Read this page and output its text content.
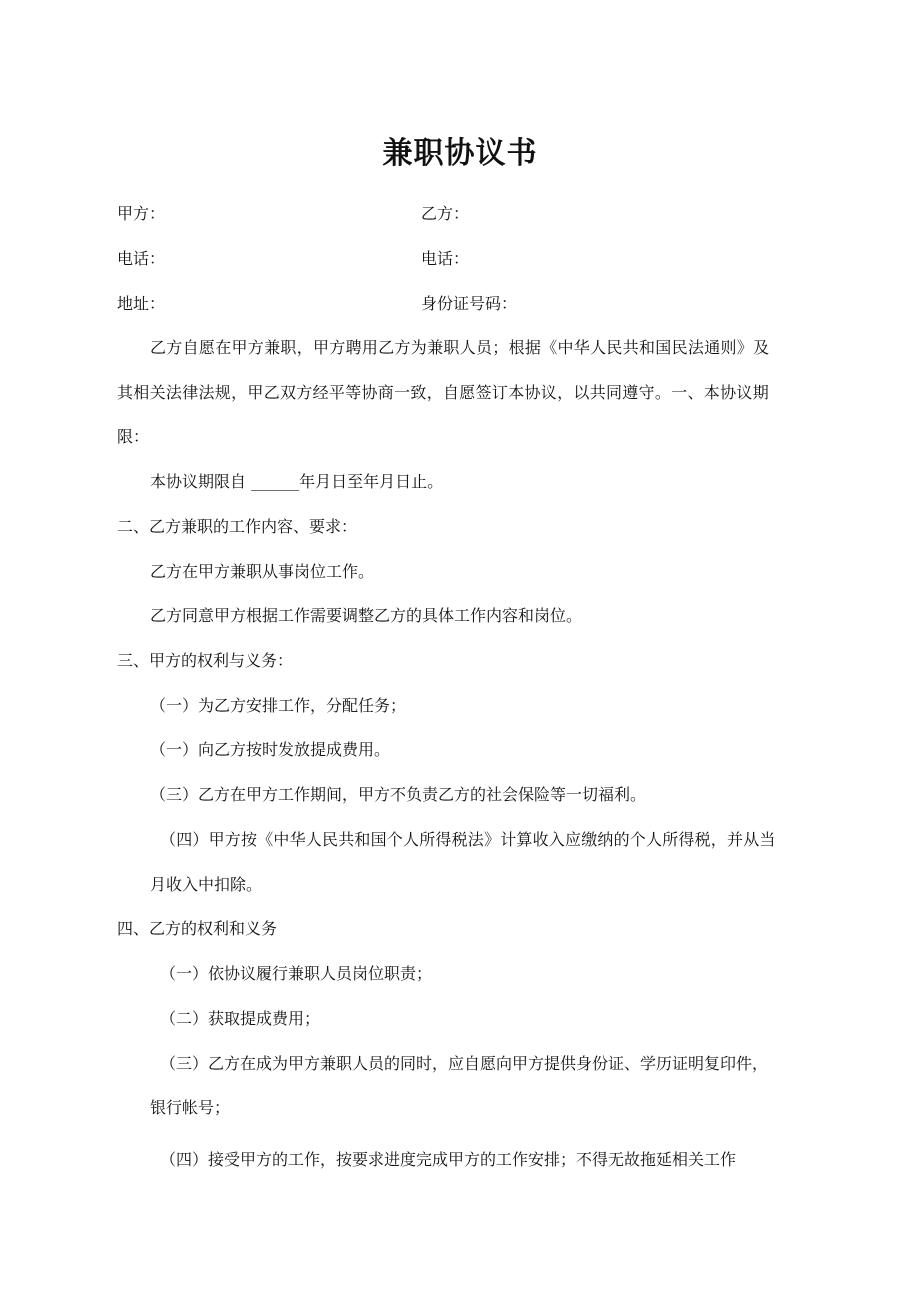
兼职协议书
甲方：	乙方：
电话：	电话：
地址：	身份证号码：
乙方自愿在甲方兼职，甲方聘用乙方为兼职人员；根据《中华人民共和国民法通则》及
其相关法律法规，甲乙双方经平等协商一致，自愿签订本协议，以共同遵守。一、本协议期
限：
本协议期限自 ______年月日至年月日止。
二、乙方兼职的工作内容、要求：
乙方在甲方兼职从事岗位工作。
乙方同意甲方根据工作需要调整乙方的具体工作内容和岗位。
三、甲方的权利与义务：
（一）为乙方安排工作，分配任务；
（一）向乙方按时发放提成费用。
（三）乙方在甲方工作期间，甲方不负责乙方的社会保险等一切福利。
（四）甲方按《中华人民共和国个人所得税法》计算收入应缴纳的个人所得税，并从当
月收入中扣除。
四、乙方的权利和义务
（一）依协议履行兼职人员岗位职责；
（二）获取提成费用；
（三）乙方在成为甲方兼职人员的同时，应自愿向甲方提供身份证、学历证明复印件，
银行帐号；
（四）接受甲方的工作，按要求进度完成甲方的工作安排；不得无故拖延相关工作
